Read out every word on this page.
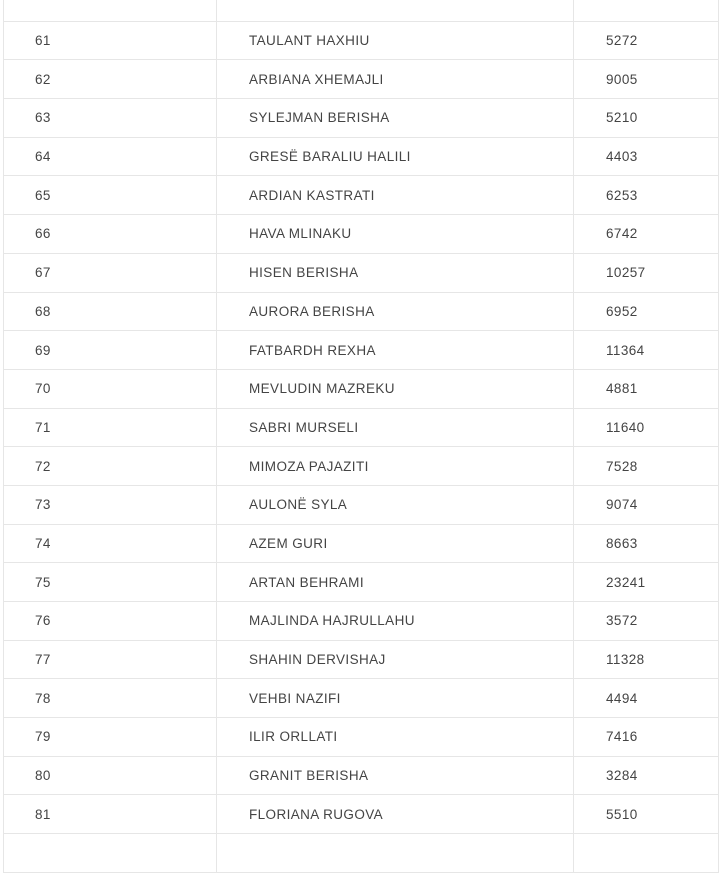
61	TAULANT HAXHIU	5272
62	ARBIANA XHEMAJLI	9005
63	SYLEJMAN BERISHA	5210
64	GRESË BARALIU HALILI	4403
65	ARDIAN KASTRATI	6253
66	HAVA MLINAKU	6742
67	HISEN BERISHA	10257
68	AURORA BERISHA	6952
69	FATBARDH REXHA	11364
70	MEVLUDIN MAZREKU	4881
71	SABRI MURSELI	11640
72	MIMOZA PAJAZITI	7528
73	AULONË SYLA	9074
74	AZEM GURI	8663
75	ARTAN BEHRAMI	23241
76	MAJLINDA HAJRULLAHU	3572
77	SHAHIN DERVISHAJ	11328
78	VEHBI NAZIFI	4494
79	ILIR ORLLATI	7416
80	GRANIT BERISHA	3284
81	FLORIANA RUGOVA	5510
